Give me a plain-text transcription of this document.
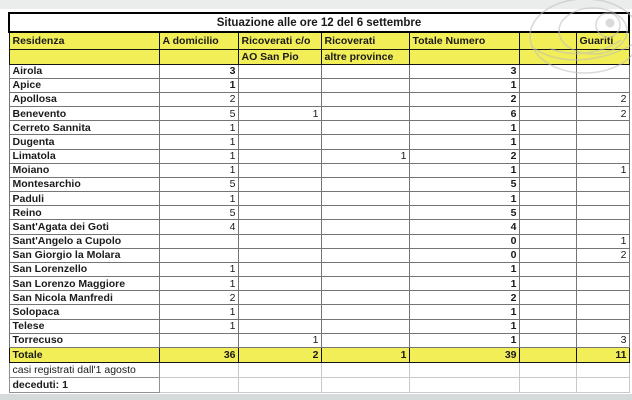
Situazione alle ore 12 del 6 settembre						
Residenza	A domicilio	Ricoverati c/o	Ricoverati	Totale Numero		Guariti
		AO San Pio	altre province			
Airola	3			3		
Apice	1			1		
Apollosa	2			2		2
Benevento	5	1		6		2
Cerreto Sannita	1			1		
Dugenta	1			1		
Limatola	1		1	2		
Moiano	1			1		1
Montesarchio	5			5		
Paduli	1			1		
Reino	5			5		
Sant'Agata dei Goti	4			4		
Sant'Angelo a Cupolo				0		1
San Giorgio la Molara				0		2
San Lorenzello	1			1		
San Lorenzo Maggiore	1			1		
San Nicola Manfredi	2			2		
Solopaca	1			1		
Telese	1			1		
Torrecuso		1		1		3
Totale	36	2	1	39		11
casi registrati dall'1 agosto						
deceduti: 1						
